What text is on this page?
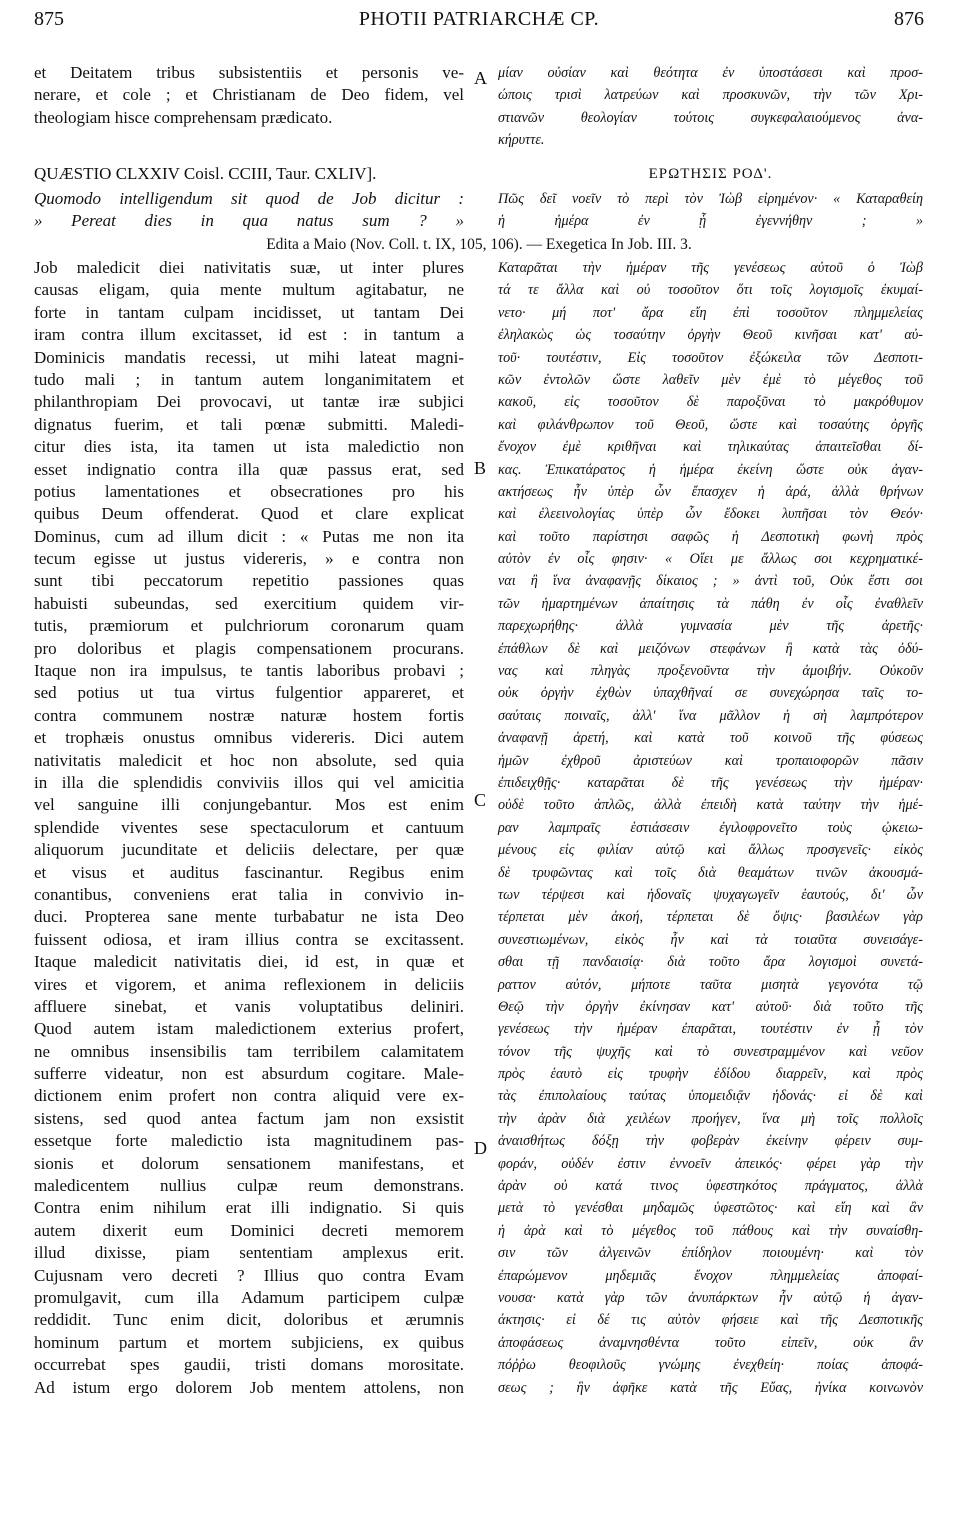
875	PHOTII PATRIARCHÆ CP.	876
et Deitatem tribus subsistentiis et personis ve-
nerare, et cole ; et Christianam de Deo fidem, vel
theologiam hisce comprehensam prædicato.
QUÆSTIO CLXXIV Coisl. CCIII, Taur. CXLIV].
Quomodo intelligendum sit quod de Job dicitur :
» Pereat dies in qua natus sum ? »
Edita a Maio (Nov. Coll. t. IX, 105, 106). — Exegetica In Job. III. 3.
Job maledicit diei nativitatis suæ, ut inter plures
causas eligam, quia mente multum agitabatur, ne
forte in tantam culpam incidisset, ut tantam Dei
iram contra illum excitasset, id est : in tantum a
Dominicis mandatis recessi, ut mihi lateat magni-
tudo mali ; in tantum autem longanimitatem et
philanthropiam Dei provocavi, ut tantæ iræ subjici
dignatus fuerim, et tali pœnæ submitti. Maledi-
citur dies ista, ita tamen ut ista maledictio non
esset indignatio contra illa quæ passus erat, sed
potius lamentationes et obsecrationes pro his
quibus Deum offenderat. Quod et clare explicat
Dominus, cum ad illum dicit : « Putas me non ita
tecum egisse ut justus videreris, » e contra non
sunt tibi peccatorum repetitio passiones quas
habuisti subeundas, sed exercitium quidem vir-
tutis, præmiorum et pulchriorum coronarum quam
pro doloribus et plagis compensationem procurans.
Itaque non ira impulsus, te tantis laboribus probavi ;
sed potius ut tua virtus fulgentior appareret, et
contra communem nostræ naturæ hostem fortis
et trophæis onustus omnibus videreris. Dici autem
nativitatis maledicit et hoc non absolute, sed quia
in illa die splendidis conviviis illos qui vel amicitia
vel sanguine illi conjungebantur. Mos est enim
splendide viventes sese spectaculorum et cantuum
aliquorum jucunditate et deliciis delectare, per quæ
et visus et auditus fascinantur. Regibus enim
conantibus, conveniens erat talia in convivio in-
duci. Propterea sane mente turbabatur ne ista Deo
fuissent odiosa, et iram illius contra se excitassent.
Itaque maledicit nativitatis diei, id est, in quæ et
vires et vigorem, et anima reflexionem in deliciis
affluere sinebat, et vanis voluptatibus deliniri.
Quod autem istam maledictionem exterius profert,
ne omnibus insensibilis tam terribilem calamitatem
sufferre videatur, non est absurdum cogitare. Male-
dictionem enim profert non contra aliquid vere ex-
sistens, sed quod antea factum jam non exsistit
essetque forte maledictio ista magnitudinem pas-
sionis et dolorum sensationem manifestans, et
maledicentem nullius culpæ reum demonstrans.
Contra enim nihilum erat illi indignatio. Si quis
autem dixerit eum Dominici decreti memorem
illud dixisse, piam sententiam amplexus erit.
Cujusnam vero decreti ? Illius quo contra Evam
promulgavit, cum illa Adamum participem culpæ
reddidit. Tunc enim dicit, doloribus et ærumnis
hominum partum et mortem subjiciens, ex quibus
occurrebat spes gaudii, tristi domans morositate.
Ad istum ergo dolorem Job mentem attolens, non
μίαν οὐσίαν καὶ θεότητα ἐν ὑποστάσεσι καὶ προσ-
ώποις τρισὶ λατρεύων καὶ προσκυνῶν, τὴν τῶν Χρι-
στιανῶν θεολογίαν τούτοις συγκεφαλαιούμενος ἀνα-
κήρυττε.
ΕΡΩΤΗΣΙΣ ΡΟΔ'.
Πῶς δεῖ νοεῖν τὸ περὶ τὸν Ἰὼβ εἰρημένον· « Καταραθείη
ἡ ἡμέρα ἐν ᾗ ἐγεννήθην ; »
Καταρᾶται τὴν ἡμέραν τῆς γενέσεως αὐτοῦ ὁ Ἰὼβ
τά τε ἄλλα καὶ οὐ τοσοῦτον ὅτι τοῖς λογισμοῖς ἐκυμαί-
νετο· μή ποτ' ἄρα εἴη ἐπὶ τοσοῦτον πλημμελείας
ἐληλακὼς ὡς τοσαύτην ὀργὴν Θεοῦ κινῆσαι κατ' αὐ-
τοῦ· τουτέστιν, Εἰς τοσοῦτον ἐξώκειλα τῶν Δεσποτι-
κῶν ἐντολῶν ὥστε λαθεῖν μὲν ἐμὲ τὸ μέγεθος τοῦ
κακοῦ, εἰς τοσοῦτον δὲ παροξῦναι τὸ μακρόθυμον
καὶ φιλάνθρωπον τοῦ Θεοῦ, ὥστε καὶ τοσαύτης ὀργῆς
ἔνοχον ἐμὲ κριθῆναι καὶ τηλικαύτας ἀπαιτεῖσθαι δί-
κας. Ἐπικατάρατος ἡ ἡμέρα ἐκείνη ὥστε οὐκ ἀγαν-
ακτήσεως ἦν ὑπὲρ ὧν ἔπασχεν ἡ ἀρά, ἀλλὰ θρήνων
καὶ ἐλεεινολογίας ὑπὲρ ὧν ἔδοκει λυπῆσαι τὸν Θεόν·
καὶ τοῦτο παρίστησι σαφῶς ἡ Δεσποτικὴ φωνὴ πρὸς
αὐτὸν ἐν οἷς φησιν· « Οἴει με ἄλλως σοι κεχρηματικέ-
ναι ἢ ἵνα ἀναφανῇς δίκαιος ; » ἀντὶ τοῦ, Οὐκ ἔστι σοι
τῶν ἡμαρτημένων ἀπαίτησις τὰ πάθη ἐν οἷς ἐναθλεῖν
παρεχωρήθης· ἀλλὰ γυμνασία μὲν τῆς ἀρετῆς·
ἐπάθλων δὲ καὶ μειζόνων στεφάνων ἢ κατὰ τὰς ὀδύ-
νας καὶ πληγὰς προξενοῦντα τὴν ἀμοιβήν. Οὐκοῦν
οὐκ ὀργὴν ἐχθὼν ὑπαχθῆναί σε συνεχώρησα ταῖς το-
σαύταις ποιναῖς, ἀλλ' ἵνα μᾶλλον ἡ σὴ λαμπρότερον
ἀναφανῇ ἀρετή, καὶ κατὰ τοῦ κοινοῦ τῆς φύσεως
ἡμῶν ἐχθροῦ ἀριστεύων καὶ τροπαιοφορῶν πᾶσιν
ἐπιδειχθῇς· καταρᾶται δὲ τῆς γενέσεως τὴν ἡμέραν·
οὐδὲ τοῦτο ἁπλῶς, ἀλλὰ ἐπειδὴ κατὰ ταύτην τὴν ἡμέ-
ραν λαμπραῖς ἑστιάσεσιν ἐγιλοφρονεῖτο τοὺς ᾠκειω-
μένους εἰς φιλίαν αὐτῷ καὶ ἄλλως προσγενεῖς· εἰκὸς
δὲ τρυφῶντας καὶ τοῖς διὰ θεαμάτων τινῶν ἀκουσμά-
των τέρψεσι καὶ ἡδοναῖς ψυχαγωγεῖν ἑαυτούς, δι' ὧν
τέρπεται μὲν ἀκοή, τέρπεται δὲ ὄψις· βασιλέων γὰρ
συνεστιωμένων, εἰκὸς ἦν καὶ τὰ τοιαῦτα συνεισάγε-
σθαι τῇ πανδαισίᾳ· διὰ τοῦτο ἄρα λογισμοὶ συνετά-
ραττον αὐτόν, μήποτε ταῦτα μισητὰ γεγονότα τῷ
Θεῷ τὴν ὀργὴν ἐκίνησαν κατ' αὐτοῦ· διὰ τοῦτο τῆς
γενέσεως τὴν ἡμέραν ἐπαρᾶται, τουτέστιν ἐν ᾗ τὸν
τόνον τῆς ψυχῆς καὶ τὸ συνεστραμμένον καὶ νεῦον
πρὸς ἑαυτὸ εἰς τρυφὴν ἐδίδου διαρρεῖν, καὶ πρὸς
τὰς ἐπιπολαίους ταύτας ὑπομειδιᾷν ἡδονάς· εἰ δὲ καὶ
τὴν ἀρὰν διὰ χειλέων προήγεν, ἵνα μὴ τοῖς πολλοῖς
ἀναισθήτως δόξῃ τὴν φοβερὰν ἐκείνην φέρειν συμ-
φοράν, οὐδέν ἐστιν ἐννοεῖν ἀπεικός· φέρει γὰρ τὴν
ἀρὰν οὐ κατά τινος ὑφεστηκότος πράγματος, ἀλλὰ
μετὰ τὸ γενέσθαι μηδαμῶς ὑφεστῶτος· καὶ εἴη καὶ ἂν
ἡ ἀρὰ καὶ τὸ μέγεθος τοῦ πάθους καὶ τὴν συναίσθη-
σιν τῶν ἀλγεινῶν ἐπίδηλον ποιουμένη· καὶ τὸν
ἐπαρώμενον μηδεμιᾶς ἔνοχον πλημμελείας ἀποφαί-
νουσα· κατὰ γὰρ τῶν ἀνυπάρκτων ἦν αὐτῷ ἡ ἀγαν-
άκτησις· εἰ δέ τις αὐτὸν φήσειε καὶ τῆς Δεσποτικῆς
ἀποφάσεως ἀναμνησθέντα τοῦτο εἰπεῖν, οὐκ ἂν
πόῤῥω θεοφιλοῦς γνώμης ἐνεχθείη· ποίας ἀποφά-
σεως ; ἣν ἀφῆκε κατὰ τῆς Εὔας, ἡνίκα κοινωνὸν
A
B
C
D
